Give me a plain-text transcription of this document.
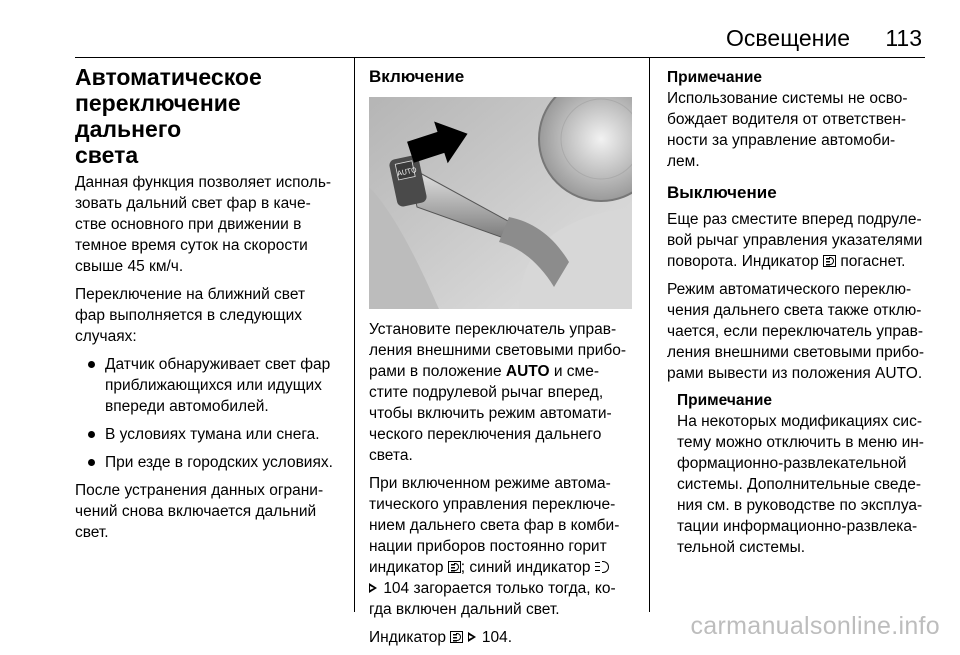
Освещение 113
Автоматическое
переключение дальнего
света

Данная функция позволяет исполь-
зовать дальний свет фар в каче-
стве основного при движении в
темное время суток на скорости
свыше 45 км/ч.

Переключение на ближний свет
фар выполняется в следующих
случаях:

Датчик обнаруживает свет фар
приближающихся или идущих
впереди автомобилей.
В условиях тумана или снега.
При езде в городских условиях.

После устранения данных ограни-
чений снова включается дальний
свет.

Включение
AUTO

Установите переключатель управ-
ления внешними световыми прибо-
рами в положение AUTO и сме-
стите подрулевой рычаг вперед,
чтобы включить режим автомати-
ческого переключения дальнего
света.

При включенном режиме автома-
тического управления переключе-
нием дальнего света фар в комби-
нации приборов постоянно горит
индикатор ; синий индикатор
104 загорается только тогда, ко-
гда включен дальний свет.

Индикатор   104.

Примечание

Использование системы не осво-
бождает водителя от ответствен-
ности за управление автомоби-
лем.

Выключение

Еще раз сместите вперед подруле-
вой рычаг управления указателями
поворота. Индикатор  погаснет.

Режим автоматического переклю-
чения дальнего света также отклю-
чается, если переключатель управ-
ления внешними световыми прибо-
рами вывести из положения AUTO.

Примечание

На некоторых модификациях сис-
тему можно отключить в меню ин-
формационно-развлекательной
системы. Дополнительные сведе-
ния см. в руководстве по эксплуа-
тации информационно-развлека-
тельной системы.

carmanualsonline.info
